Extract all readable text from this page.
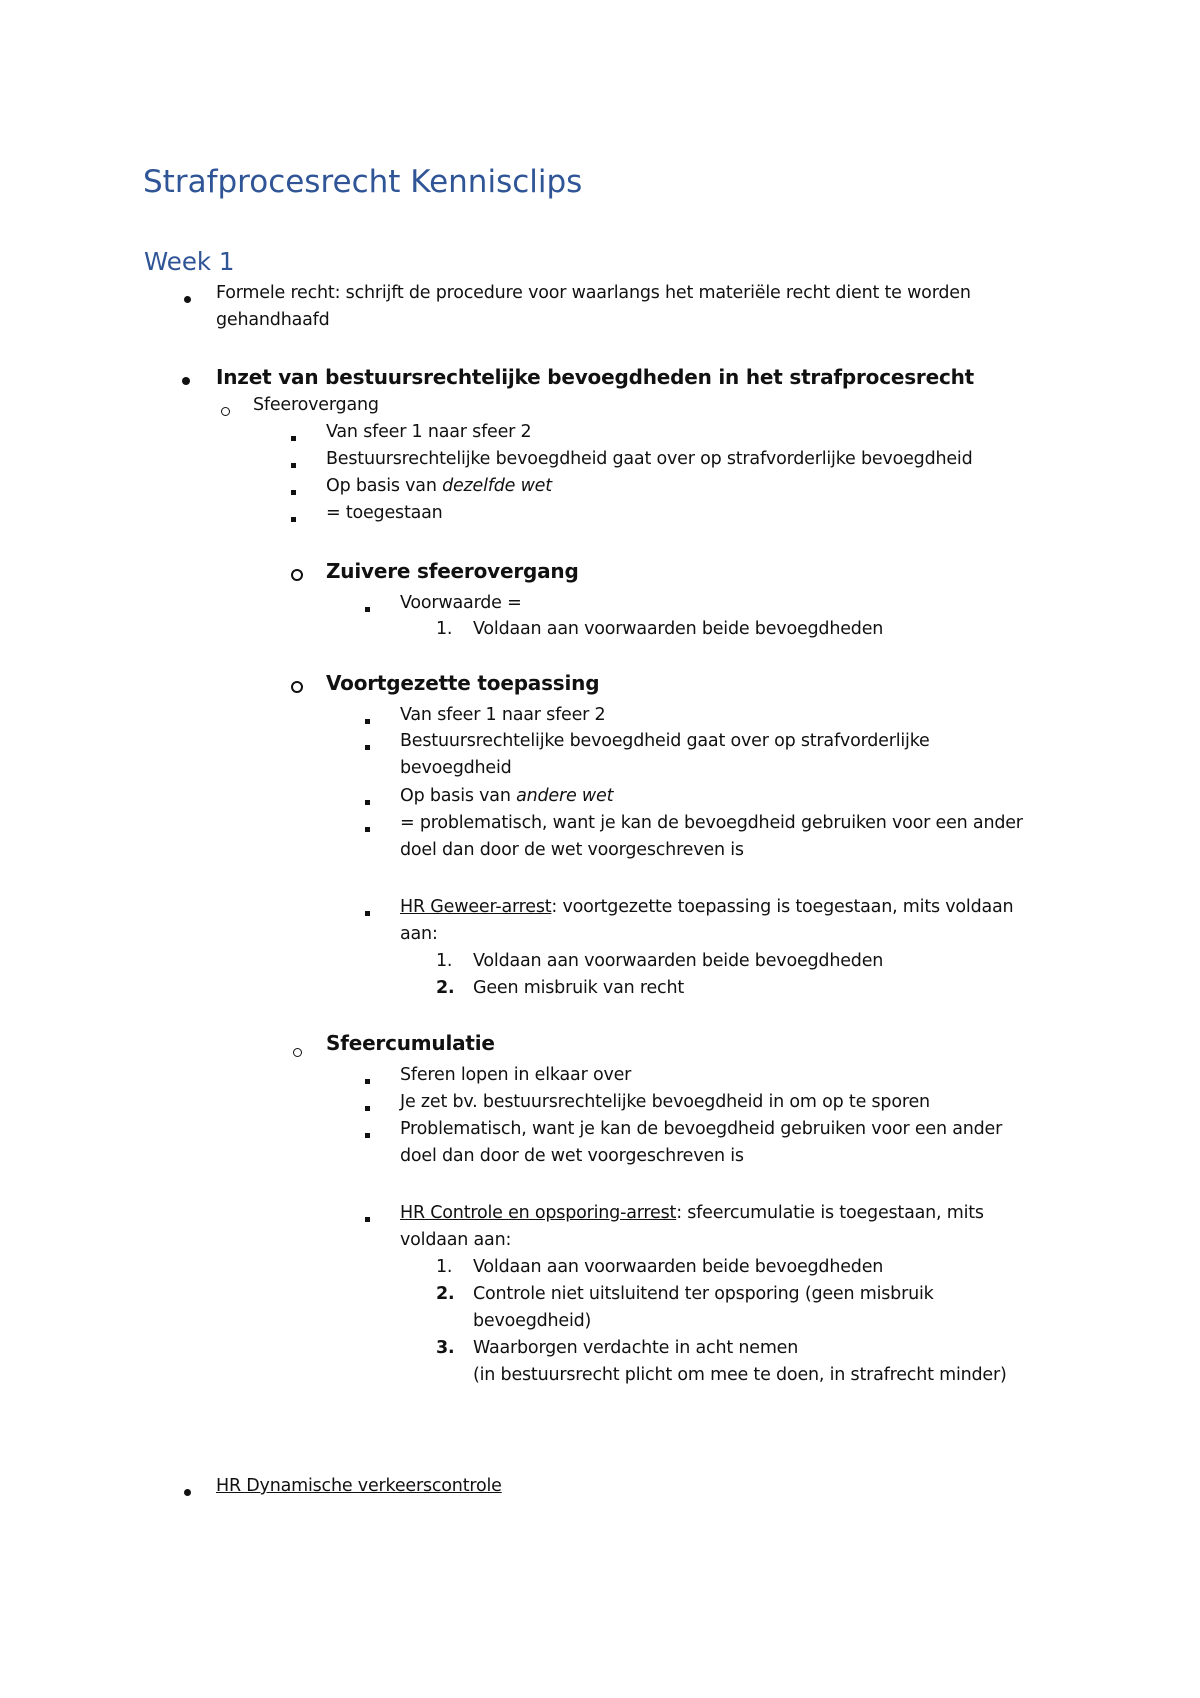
Strafprocesrecht Kennisclips
Week 1
Formele recht: schrijft de procedure voor waarlangs het materiële recht dient te worden
gehandhaafd
Inzet van bestuursrechtelijke bevoegdheden in het strafprocesrecht
Sfeerovergang
Van sfeer 1 naar sfeer 2
Bestuursrechtelijke bevoegdheid gaat over op strafvorderlijke bevoegdheid
Op basis van dezelfde wet
= toegestaan
Zuivere sfeerovergang
Voorwaarde =
1. Voldaan aan voorwaarden beide bevoegdheden
Voortgezette toepassing
Van sfeer 1 naar sfeer 2
Bestuursrechtelijke bevoegdheid gaat over op strafvorderlijke
bevoegdheid
Op basis van andere wet
= problematisch, want je kan de bevoegdheid gebruiken voor een ander
doel dan door de wet voorgeschreven is
HR Geweer-arrest: voortgezette toepassing is toegestaan, mits voldaan
aan:
1. Voldaan aan voorwaarden beide bevoegdheden
2. Geen misbruik van recht
Sfeercumulatie
Sferen lopen in elkaar over
Je zet bv. bestuursrechtelijke bevoegdheid in om op te sporen
Problematisch, want je kan de bevoegdheid gebruiken voor een ander
doel dan door de wet voorgeschreven is
HR Controle en opsporing-arrest: sfeercumulatie is toegestaan, mits
voldaan aan:
1. Voldaan aan voorwaarden beide bevoegdheden
2. Controle niet uitsluitend ter opsporing (geen misbruik
bevoegdheid)
3. Waarborgen verdachte in acht nemen
(in bestuursrecht plicht om mee te doen, in strafrecht minder)
HR Dynamische verkeerscontrole
